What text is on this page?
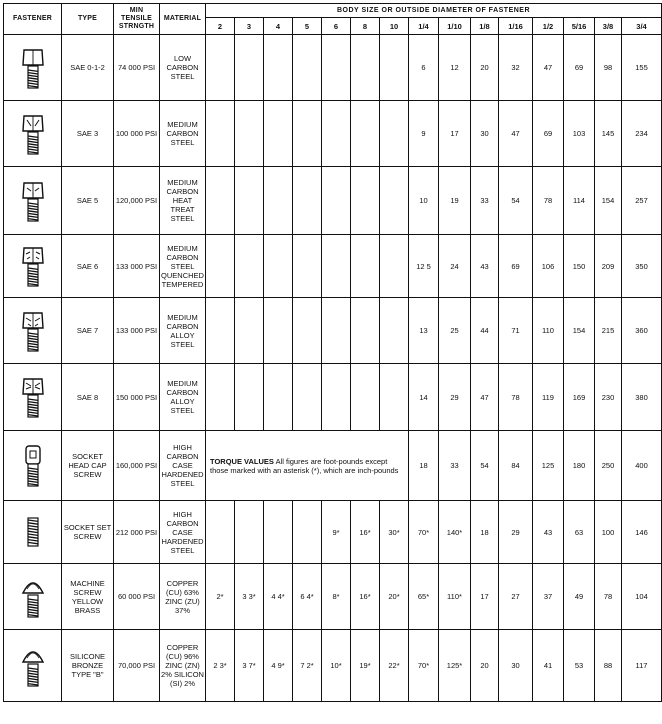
FASTENER	TYPE	MIN TENSILE STRNGTH	MATERIAL	BODY SIZE OR OUTSIDE DIAMETER OF FASTENER														
				2	3	4	5	6	8	10	1/4	1/10	1/8	1/16	1/2	5/16	3/8	3/4

	SAE 0-1-2	74 000 PSI	LOW CARBON STEEL								6	12	20	32	47	69	98	155

	SAE 3	100 000 PSI	MEDIUM CARBON STEEL								9	17	30	47	69	103	145	234

	SAE 5	120,000 PSI	MEDIUM CARBON HEAT TREAT STEEL								10	19	33	54	78	114	154	257

	SAE 6	133 000 PSI	MEDIUM CARBON STEEL QUENCHED TEMPERED								12 5	24	43	69	106	150	209	350

	SAE 7	133 000 PSI	MEDIUM CARBON ALLOY STEEL								13	25	44	71	110	154	215	360

	SAE 8	150 000 PSI	MEDIUM CARBON ALLOY STEEL								14	29	47	78	119	169	230	380

	SOCKET HEAD CAP SCREW	160,000 PSI	HIGH CARBON CASE HARDENED STEEL	TORQUE VALUES All figures are foot-pounds except those marked with an asterisk (*), which are inch-pounds							18	33	54	84	125	180	250	400

	SOCKET SET SCREW	212 000 PSI	HIGH CARBON CASE HARDENED STEEL					9*	16*	30*	70*	140*	18	29	43	63	100	146

	MACHINE SCREW YELLOW BRASS	60 000 PSI	COPPER (CU) 63% ZINC (ZU) 37%	2*	3 3*	4 4*	6 4*	8*	16*	20*	65*	110*	17	27	37	49	78	104

	SILICONE BRONZE TYPE "B"	70,000 PSI	COPPER (CU) 96% ZINC (ZN) 2% SILICON (SI) 2%	2 3*	3 7*	4 9*	7 2*	10*	19*	22*	70*	125*	20	30	41	53	88	117
